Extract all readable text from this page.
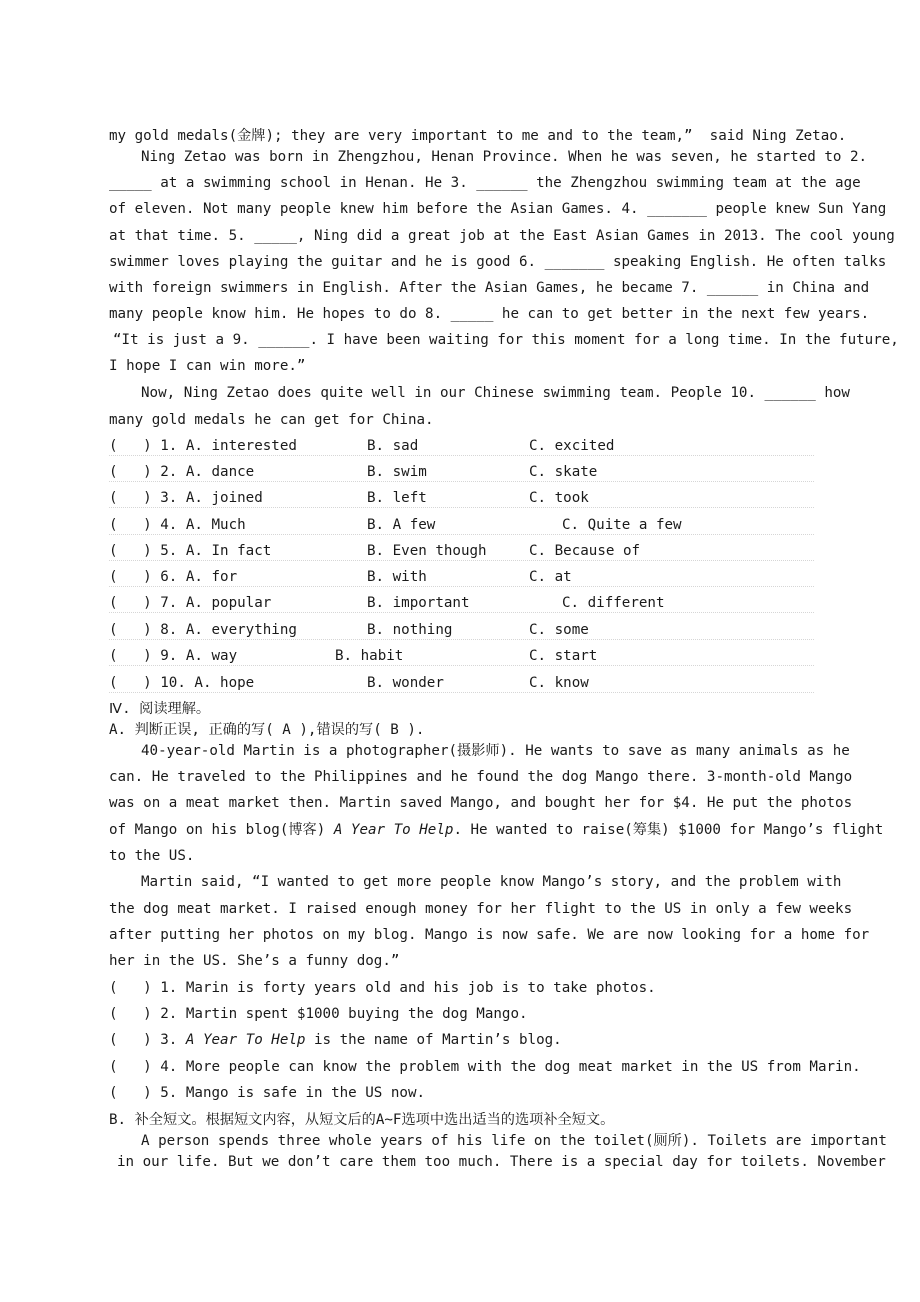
my gold medals(金牌); they are very important to me and to the team,”  said Ning Zetao.
Ning Zetao was born in Zhengzhou, Henan Province. When he was seven, he started to 2.
_____ at a swimming school in Henan. He 3. ______ the Zhengzhou swimming team at the age
of eleven. Not many people knew him before the Asian Games. 4. _______ people knew Sun Yang
at that time. 5. _____, Ning did a great job at the East Asian Games in 2013. The cool young
swimmer loves playing the guitar and he is good 6. _______ speaking English. He often talks
with foreign swimmers in English. After the Asian Games, he became 7. ______ in China and
many people know him. He hopes to do 8. _____ he can to get better in the next few years.
“It is just a 9. ______. I have been waiting for this moment for a long time. In the future,
I hope I can win more.”
Now, Ning Zetao does quite well in our Chinese swimming team. People 10. ______ how
many gold medals he can get for China.

(   ) 1. A. interested

	B. sad

	C. excited

(   ) 2. A. dance

	B. swim

	C. skate

(   ) 3. A. joined

	B. left

	C. took

(   ) 4. A. Much

	B. A few

	C. Quite a few

(   ) 5. A. In fact

	B. Even though

	C. Because of

(   ) 6. A. for

	B. with

	C. at

(   ) 7. A. popular

	B. important

	C. different

(   ) 8. A. everything

	B. nothing

	C. some

(   ) 9. A. way

	B. habit

	C. start

(   ) 10. A. hope

	B. wonder

	C. know

Ⅳ. 阅读理解。
A. 判断正误, 正确的写( A ),错误的写( B ).
40-year-old Martin is a photographer(摄影师). He wants to save as many animals as he
can. He traveled to the Philippines and he found the dog Mango there. 3-month-old Mango
was on a meat market then. Martin saved Mango, and bought her for $4. He put the photos
of Mango on his blog(博客) A Year To Help. He wanted to raise(筹集) $1000 for Mango’s flight
to the US.
Martin said, “I wanted to get more people know Mango’s story, and the problem with
the dog meat market. I raised enough money for her flight to the US in only a few weeks
after putting her photos on my blog. Mango is now safe. We are now looking for a home for
her in the US. She’s a funny dog.”
(   ) 1. Marin is forty years old and his job is to take photos.
(   ) 2. Martin spent $1000 buying the dog Mango.
(   ) 3. A Year To Help is the name of Martin’s blog.
(   ) 4. More people can know the problem with the dog meat market in the US from Marin.
(   ) 5. Mango is safe in the US now.
B. 补全短文。根据短文内容，从短文后的A~F选项中选出适当的选项补全短文。
A person spends three whole years of his life on the toilet(厕所). Toilets are important
in our life. But we don’t care them too much. There is a special day for toilets. November
